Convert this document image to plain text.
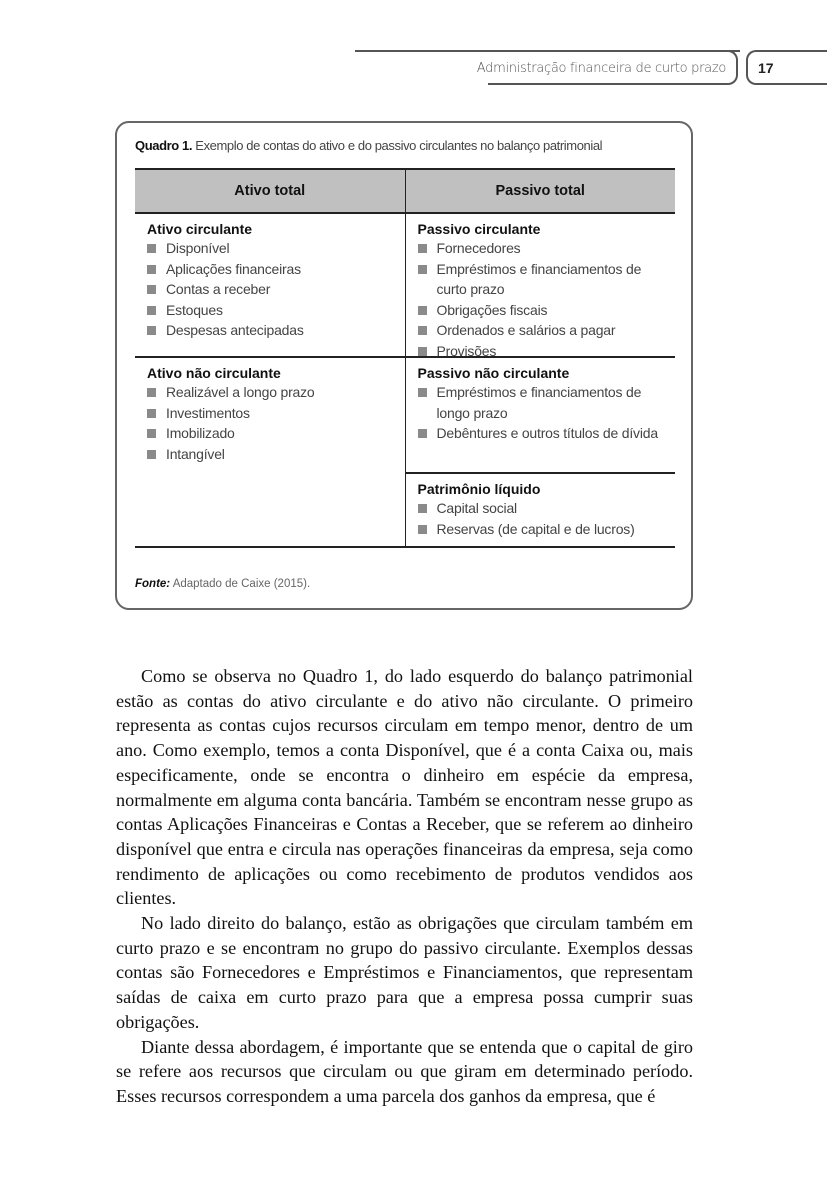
Administração financeira de curto prazo 17
Quadro 1. Exemplo de contas do ativo e do passivo circulantes no balanço patrimonial
Ativo total	Passivo total
Ativo circulante
Disponível
Aplicações financeiras
Contas a receber
Estoques
Despesas antecipadas
Ativo não circulante
Realizável a longo prazo
Investimentos
Imobilizado
Intangível
Passivo circulante
Fornecedores
Empréstimos e financiamentos de curto prazo
Obrigações fiscais
Ordenados e salários a pagar
Provisões
Passivo não circulante
Empréstimos e financiamentos de longo prazo
Debêntures e outros títulos de dívida
Patrimônio líquido
Capital social
Reservas (de capital e de lucros)
Fonte: Adaptado de Caixe (2015).

Como se observa no Quadro 1, do lado esquerdo do balanço patrimonial estão as contas do ativo circulante e do ativo não circulante. O primeiro representa as contas cujos recursos circulam em tempo menor, dentro de um ano. Como exemplo, temos a conta Disponível, que é a conta Caixa ou, mais especificamente, onde se encontra o dinheiro em espécie da empresa, normalmente em alguma conta bancária. Também se encontram nesse grupo as contas Aplicações Financeiras e Contas a Receber, que se referem ao dinheiro disponível que entra e circula nas operações financeiras da empresa, seja como rendimento de aplicações ou como recebimento de produtos vendidos aos clientes.

No lado direito do balanço, estão as obrigações que circulam também em curto prazo e se encontram no grupo do passivo circulante. Exemplos dessas contas são Fornecedores e Empréstimos e Financiamentos, que representam saídas de caixa em curto prazo para que a empresa possa cumprir suas obrigações.

Diante dessa abordagem, é importante que se entenda que o capital de giro se refere aos recursos que circulam ou que giram em determinado período. Esses recursos correspondem a uma parcela dos ganhos da empresa, que é
